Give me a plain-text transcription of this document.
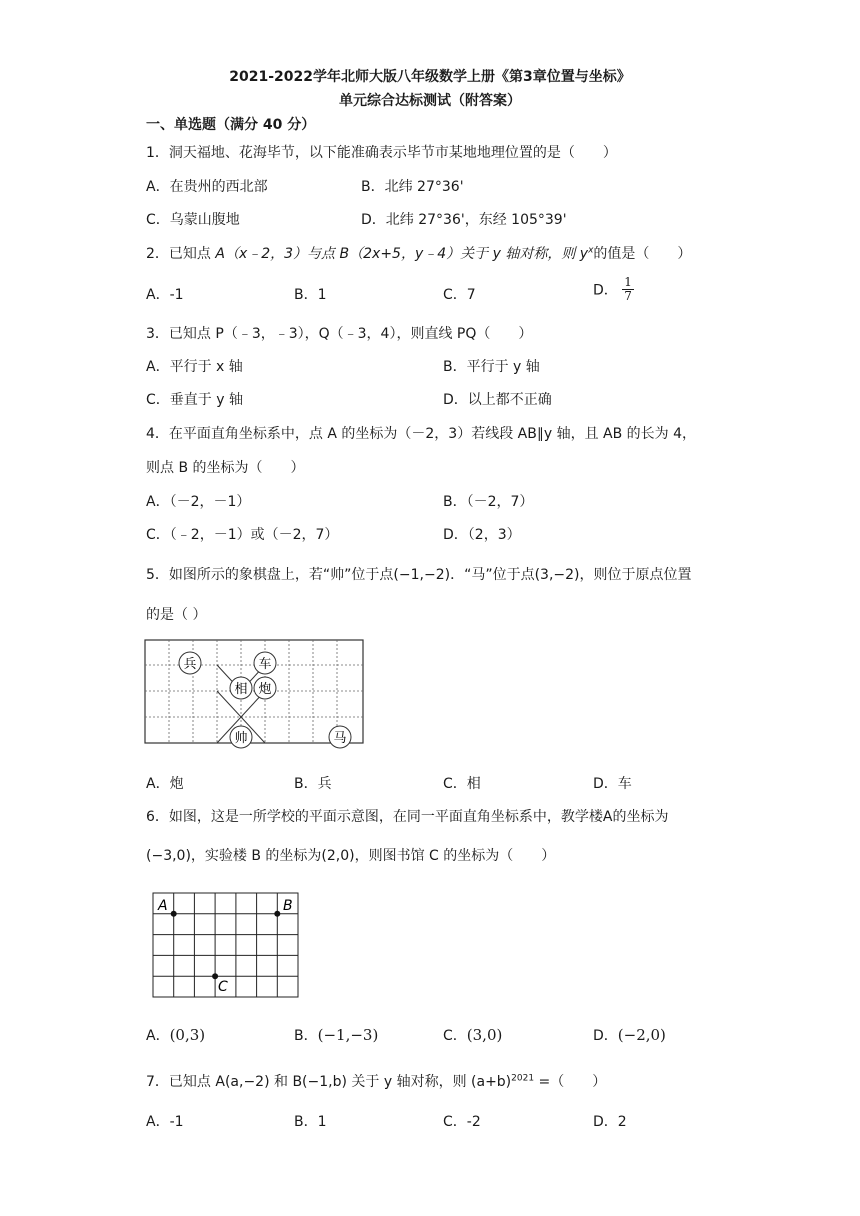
2021-2022学年北师大版八年级数学上册《第3章位置与坐标》
单元综合达标测试（附答案）
一、单选题（满分 40 分）
1．洞天福地、花海毕节，以下能准确表示毕节市某地地理位置的是（　　）
A．在贵州的西北部	B．北纬 27°36'
C．乌蒙山腹地	D．北纬 27°36'，东经 105°39'
2．已知点 A（x﹣2，3）与点 B（2x+5，y﹣4）关于 y 轴对称，则 $y^x$的值是（　　）
A．-1	B．1	C．7	D． $\frac{1}{7}$
3．已知点 P（﹣3，﹣3），Q（﹣3，4），则直线 PQ（　　）
A．平行于 x 轴	B．平行于 y 轴
C．垂直于 y 轴	D．以上都不正确
4．在平面直角坐标系中，点 A 的坐标为（－2，3）若线段 AB∥y 轴，且 AB 的长为 4，
则点 B 的坐标为（　　）
A．（－2，－1）	B．（－2，7）
C．（﹣2，－1）或（－2，7）	D．（2，3）
5．如图所示的象棋盘上，若“帅”位于点(−1,−2)．“马”位于点(3,−2)，则位于原点位置
的是（ ）
兵	车
相 炮
帅	马
A．炮	B．兵	C．相	D．车
6．如图，这是一所学校的平面示意图，在同一平面直角坐标系中，教学楼A的坐标为
(−3,0)，实验楼 B 的坐标为(2,0)，则图书馆 C 的坐标为（　　）
A	B
C
A．(0,3)	B．(−1,−3)	C．(3,0)	D．(−2,0)
7．已知点 A(a,−2) 和 B(−1,b) 关于 y 轴对称，则 $(a+b)^{2021}$ =（　　）
A．-1	B．1	C．-2	D．2
